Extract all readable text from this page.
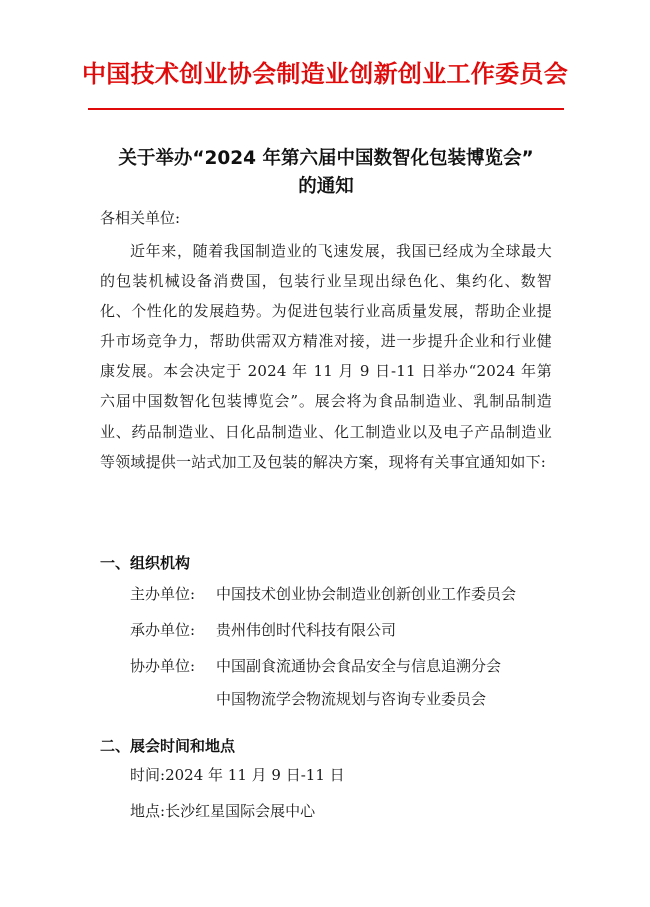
中国技术创业协会制造业创新创业工作委员会
关于举办“2024 年第六届中国数智化包装博览会”
的通知
各相关单位:
近年来，随着我国制造业的飞速发展，我国已经成为全球最大的包装机械设备消费国，包装行业呈现出绿色化、集约化、数智化、个性化的发展趋势。为促进包装行业高质量发展，帮助企业提升市场竞争力，帮助供需双方精准对接，进一步提升企业和行业健康发展。本会决定于 2024 年 11 月 9 日-11 日举办“2024 年第六届中国数智化包装博览会”。展会将为食品制造业、乳制品制造业、药品制造业、日化品制造业、化工制造业以及电子产品制造业等领域提供一站式加工及包装的解决方案，现将有关事宜通知如下:
一、组织机构
主办单位: 中国技术创业协会制造业创新创业工作委员会
承办单位: 贵州伟创时代科技有限公司
协办单位: 中国副食流通协会食品安全与信息追溯分会
中国物流学会物流规划与咨询专业委员会
二、展会时间和地点
时间:2024 年 11 月 9 日-11 日
地点:长沙红星国际会展中心
